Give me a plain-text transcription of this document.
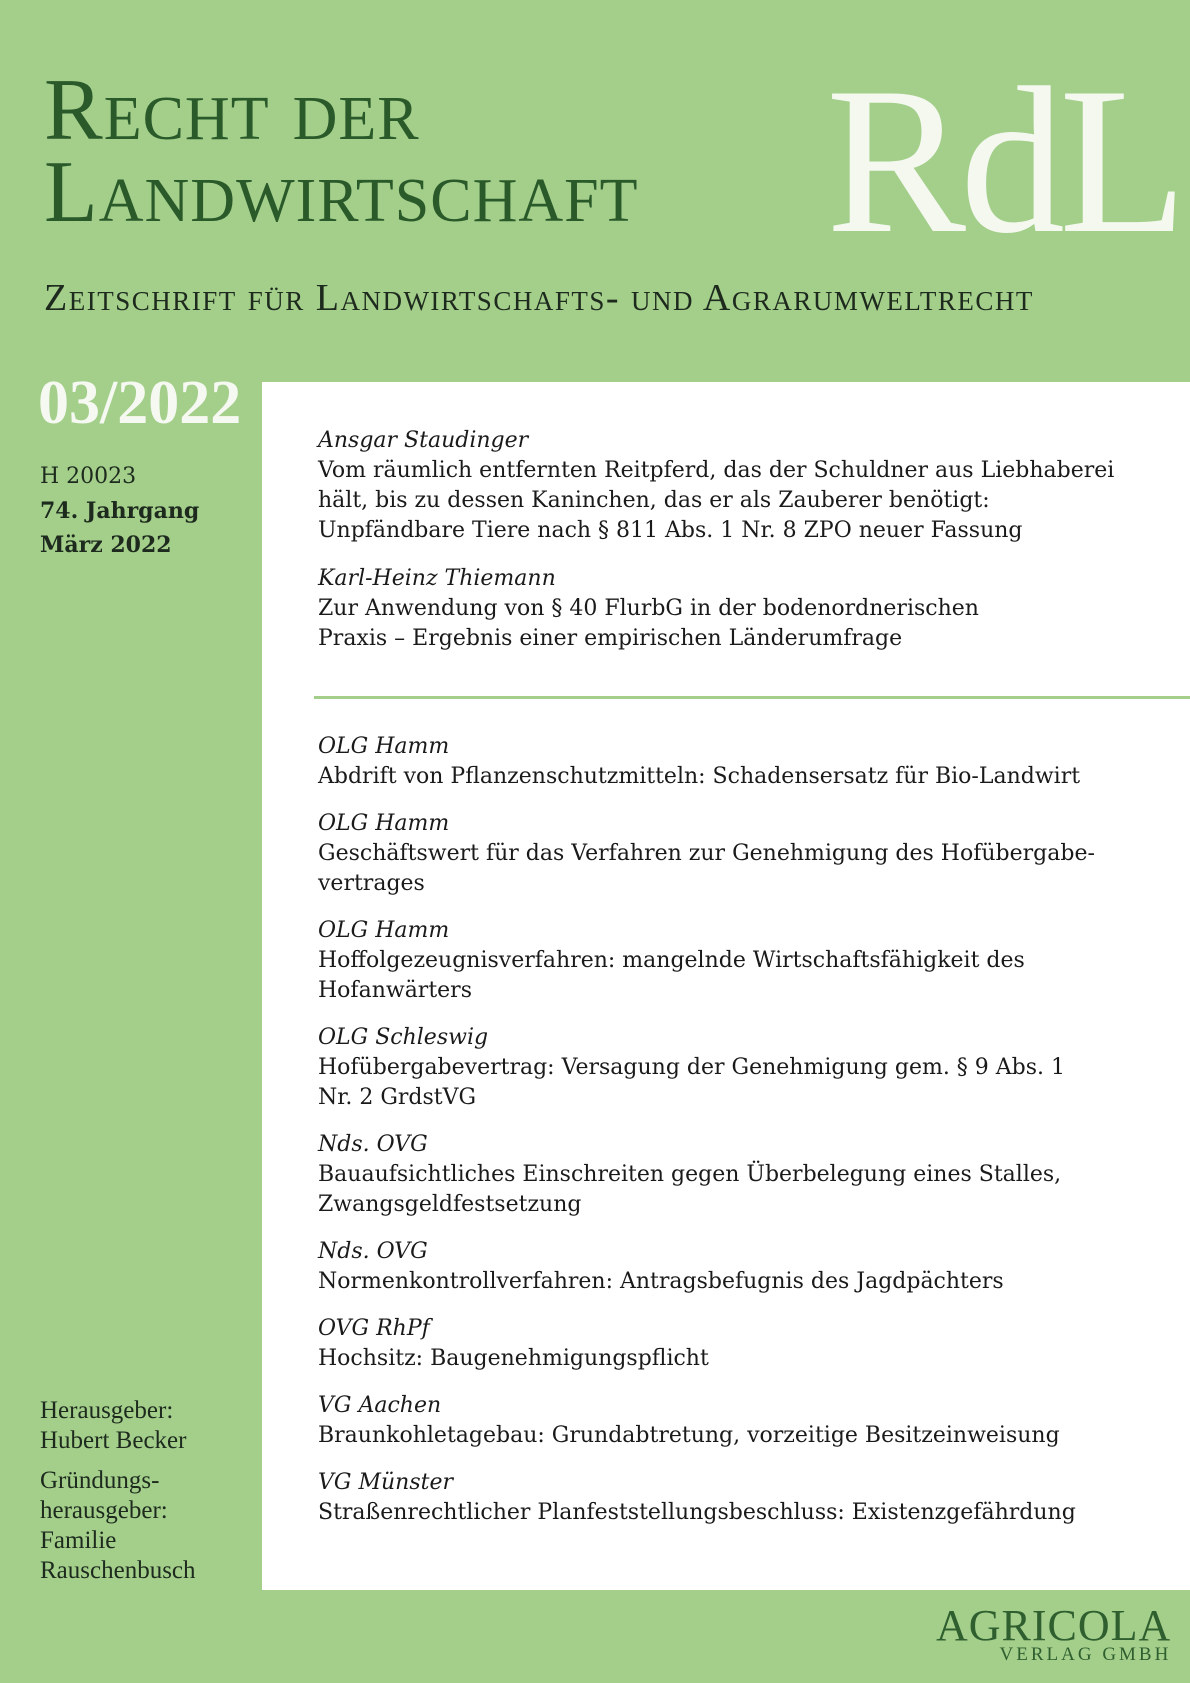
Recht der
Landwirtschaft RdL
Zeitschrift für Landwirtschafts- und Agrarumweltrecht
03/2022
H 20023
74. Jahrgang
März 2022
Herausgeber:
Hubert Becker
Gründungs-
herausgeber:
Familie
Rauschenbusch
Ansgar Staudinger
Vom räumlich entfernten Reitpferd, das der Schuldner aus Liebhaberei
hält, bis zu dessen Kaninchen, das er als Zauberer benötigt:
Unpfändbare Tiere nach § 811 Abs. 1 Nr. 8 ZPO neuer Fassung
Karl-Heinz Thiemann
Zur Anwendung von § 40 FlurbG in der bodenordnerischen
Praxis – Ergebnis einer empirischen Länderumfrage
OLG Hamm
Abdrift von Pflanzenschutzmitteln: Schadensersatz für Bio-Landwirt
OLG Hamm
Geschäftswert für das Verfahren zur Genehmigung des Hofübergabe-
vertrages
OLG Hamm
Hoffolgezeugnisverfahren: mangelnde Wirtschaftsfähigkeit des
Hofanwärters
OLG Schleswig
Hofübergabevertrag: Versagung der Genehmigung gem. § 9 Abs. 1
Nr. 2 GrdstVG
Nds. OVG
Bauaufsichtliches Einschreiten gegen Überbelegung eines Stalles,
Zwangsgeldfestsetzung
Nds. OVG
Normenkontrollverfahren: Antragsbefugnis des Jagdpächters
OVG RhPf
Hochsitz: Baugenehmigungspflicht
VG Aachen
Braunkohletagebau: Grundabtretung, vorzeitige Besitzeinweisung
VG Münster
Straßenrechtlicher Planfeststellungsbeschluss: Existenzgefährdung
AGRICOLA
VERLAG GMBH
